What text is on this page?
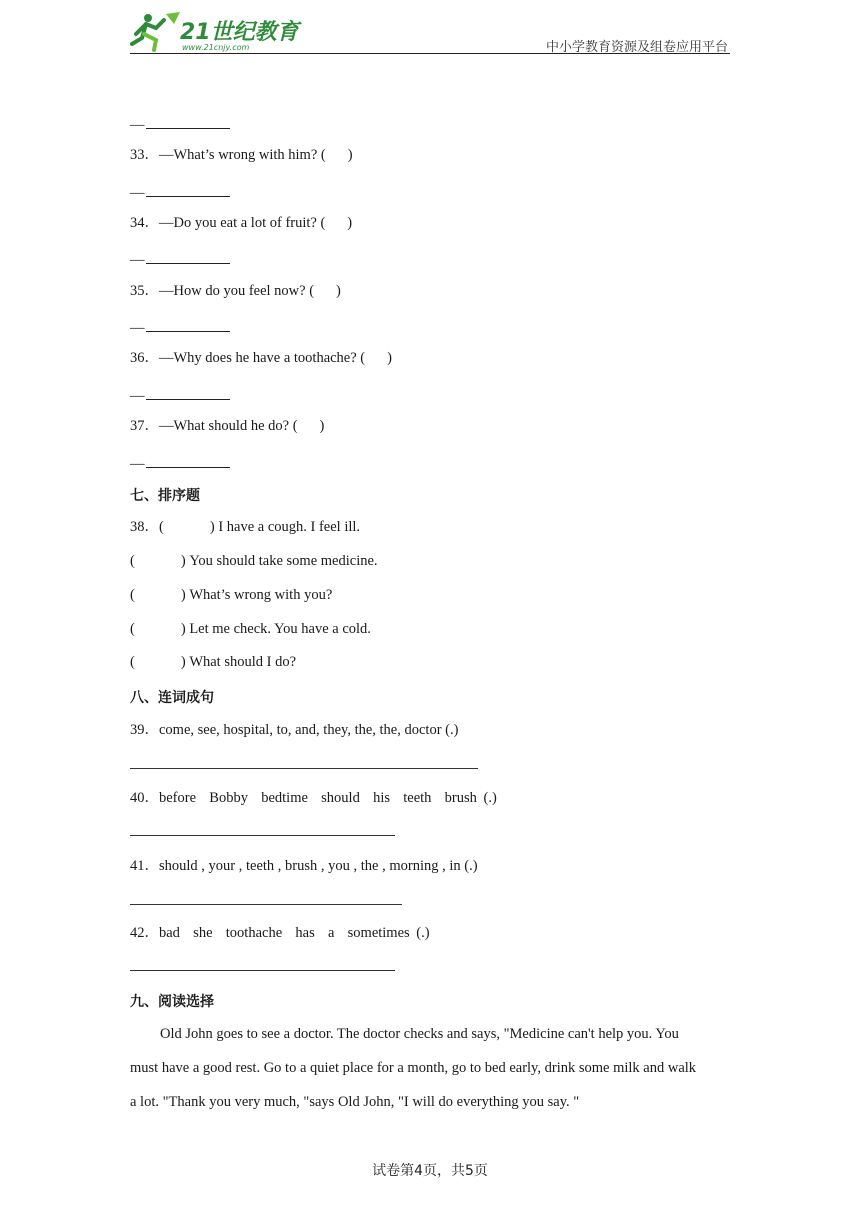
21世纪教育
www.21cnjy.com	中小学教育资源及组卷应用平台
—
33．—What’s wrong with him? ( )
—
34．—Do you eat a lot of fruit? ( )
—
35．—How do you feel now? ( )
—
36．—Why does he have a toothache? ( )
—
37．—What should he do? ( )
—
七、排序题
38．(	) I have a cough. I feel ill.
(	) You should take some medicine.
(	) What’s wrong with you?
(	) Let me check. You have a cold.
(	) What should I do?
八、连词成句
39．come, see, hospital, to, and, they, the, the, doctor (.)
40．before  Bobby  bedtime  should  his  teeth  brush (.)
41．should , your , teeth , brush , you , the , morning , in (.)
42．bad  she  toothache  has  a  sometimes (.)
九、阅读选择
Old John goes to see a doctor. The doctor checks and says, "Medicine can't help you. You
must have a good rest. Go to a quiet place for a month, go to bed early, drink some milk and walk
a lot. "Thank you very much, "says Old John, "I will do everything you say. "
试卷第4页，共5页
